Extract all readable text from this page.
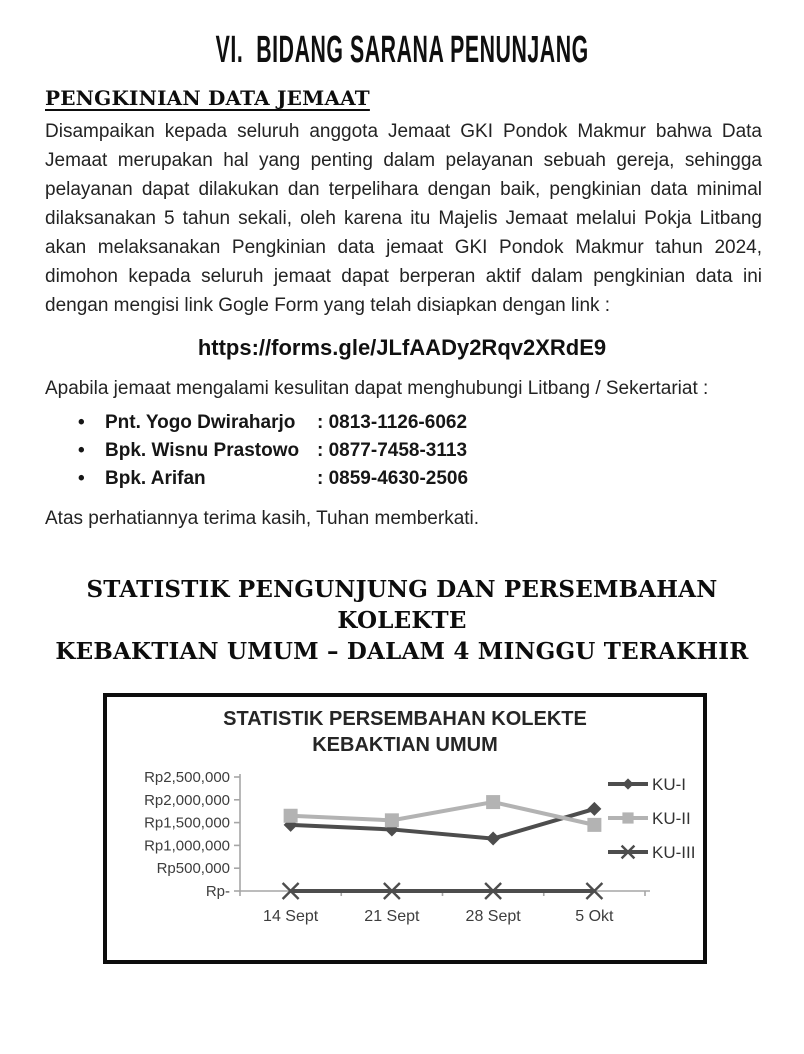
VI.  BIDANG SARANA PENUNJANG
PENGKINIAN DATA JEMAAT

Disampaikan kepada seluruh anggota Jemaat GKI Pondok Makmur bahwa Data Jemaat merupakan hal yang penting dalam pelayanan sebuah gereja, sehingga pelayanan dapat dilakukan dan terpelihara dengan baik, pengkinian data minimal dilaksanakan 5 tahun sekali, oleh karena itu Majelis Jemaat melalui Pokja Litbang akan melaksanakan Pengkinian data jemaat GKI Pondok Makmur tahun 2024, dimohon kepada seluruh jemaat dapat berperan aktif dalam pengkinian data ini dengan mengisi link Gogle Form yang telah disiapkan dengan link :

https://forms.gle/JLfAADy2Rqv2XRdE9

Apabila jemaat mengalami kesulitan dapat menghubungi Litbang / Sekertariat :

•	Pnt. Yogo Dwiraharjo	: 0813-1126-6062
•	Bpk. Wisnu Prastowo : 0877-7458-3113
•	Bpk. Arifan	: 0859-4630-2506

Atas perhatiannya terima kasih, Tuhan memberkati.

STATISTIK PENGUNJUNG DAN PERSEMBAHAN KOLEKTE
KEBAKTIAN UMUM – DALAM 4 MINGGU TERAKHIR
STATISTIK PERSEMBAHAN KOLEKTE
KEBAKTIAN UMUM
Rp2,500,000
Rp2,000,000
Rp1,500,000
Rp1,000,000
Rp500,000
Rp-
14 Sept	21 Sept	28 Sept	5 Okt
KU-I
KU-II
KU-III
